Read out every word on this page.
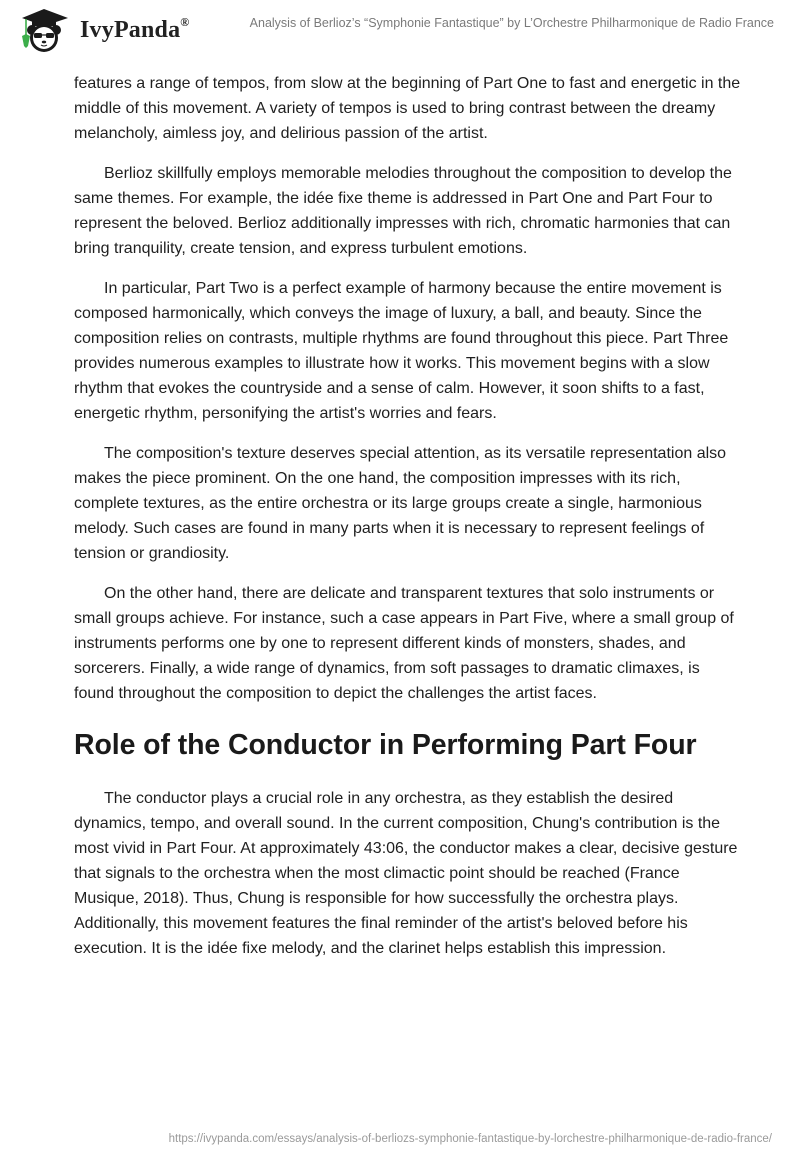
IvyPanda®	Analysis of Berlioz’s “Symphonie Fantastique” by L’Orchestre Philharmonique de Radio France

features a range of tempos, from slow at the beginning of Part One to fast and energetic in the middle of this movement. A variety of tempos is used to bring contrast between the dreamy melancholy, aimless joy, and delirious passion of the artist.

Berlioz skillfully employs memorable melodies throughout the composition to develop the same themes. For example, the idée fixe theme is addressed in Part One and Part Four to represent the beloved. Berlioz additionally impresses with rich, chromatic harmonies that can bring tranquility, create tension, and express turbulent emotions.

In particular, Part Two is a perfect example of harmony because the entire movement is composed harmonically, which conveys the image of luxury, a ball, and beauty. Since the composition relies on contrasts, multiple rhythms are found throughout this piece. Part Three provides numerous examples to illustrate how it works. This movement begins with a slow rhythm that evokes the countryside and a sense of calm. However, it soon shifts to a fast, energetic rhythm, personifying the artist's worries and fears.

The composition's texture deserves special attention, as its versatile representation also makes the piece prominent. On the one hand, the composition impresses with its rich, complete textures, as the entire orchestra or its large groups create a single, harmonious melody. Such cases are found in many parts when it is necessary to represent feelings of tension or grandiosity.

On the other hand, there are delicate and transparent textures that solo instruments or small groups achieve. For instance, such a case appears in Part Five, where a small group of instruments performs one by one to represent different kinds of monsters, shades, and sorcerers. Finally, a wide range of dynamics, from soft passages to dramatic climaxes, is found throughout the composition to depict the challenges the artist faces.

Role of the Conductor in Performing Part Four

The conductor plays a crucial role in any orchestra, as they establish the desired dynamics, tempo, and overall sound. In the current composition, Chung's contribution is the most vivid in Part Four. At approximately 43:06, the conductor makes a clear, decisive gesture that signals to the orchestra when the most climactic point should be reached (France Musique, 2018). Thus, Chung is responsible for how successfully the orchestra plays. Additionally, this movement features the final reminder of the artist's beloved before his execution. It is the idée fixe melody, and the clarinet helps establish this impression.

https://ivypanda.com/essays/analysis-of-berliozs-symphonie-fantastique-by-lorchestre-philharmonique-de-radio-france/
